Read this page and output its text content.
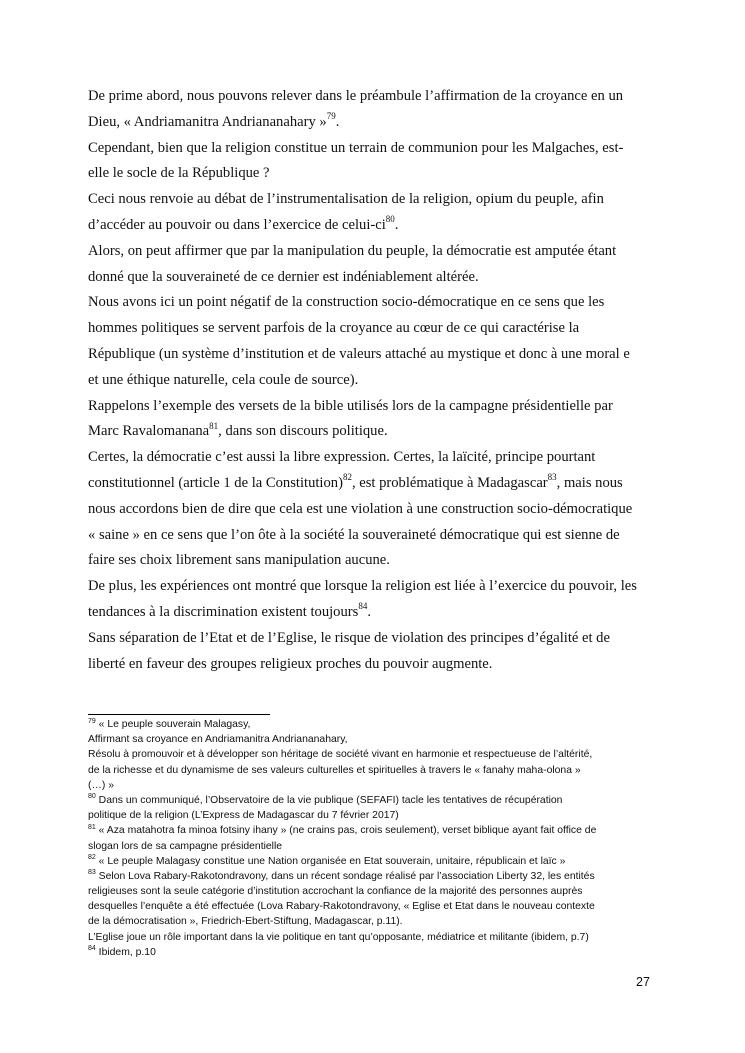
De prime abord, nous pouvons relever dans le préambule l’affirmation de la croyance en un
Dieu, « Andriamanitra Andriananahary »$^{79}$.
Cependant, bien que la religion constitue un terrain de communion pour les Malgaches, est-
elle le socle de la République ?
Ceci nous renvoie au débat de l’instrumentalisation de la religion, opium du peuple, afin
d’accéder au pouvoir ou dans l’exercice de celui-$ci^{80}$.
Alors, on peut affirmer que par la manipulation du peuple, la démocratie est amputée étant
donné que la souveraineté de ce dernier est indéniablement altérée.
Nous avons ici un point négatif de la construction socio-démocratique en ce sens que les
hommes politiques se servent parfois de la croyance au cœur de ce qui caractérise la
République (un système d’institution et de valeurs attaché au mystique et donc à une moral e
et une éthique naturelle, cela coule de source).
Rappelons l’exemple des versets de la bible utilisés lors de la campagne présidentielle par
Marc Ravalomanana$^{81}$, dans son discours politique.
Certes, la démocratie c’est aussi la libre expression. Certes, la laïcité, principe pourtant
constitutionnel (article 1 de la Constitution)$^{82}$, est problématique à Madagascar$^{83}$, mais nous
nous accordons bien de dire que cela est une violation à une construction socio-démocratique
« saine » en ce sens que l’on ôte à la société la souveraineté démocratique qui est sienne de
faire ses choix librement sans manipulation aucune.
De plus, les expériences ont montré que lorsque la religion est liée à l’exercice du pouvoir, les
tendances à la discrimination existent toujours$^{84}$.
Sans séparation de l’Etat et de l’Eglise, le risque de violation des principes d’égalité et de
liberté en faveur des groupes religieux proches du pouvoir augmente.
$^{79}$ « Le peuple souverain Malagasy,
Affirmant sa croyance en Andriamanitra Andriananahary,
Résolu à promouvoir et à développer son héritage de société vivant en harmonie et respectueuse de l’altérité,
de la richesse et du dynamisme de ses valeurs culturelles et spirituelles à travers le « fanahy maha-olona »
(…) »
$^{80}$ Dans un communiqué, l’Observatoire de la vie publique (SEFAFI) tacle les tentatives de récupération
politique de la religion (L’Express de Madagascar du 7 février 2017)
$^{81}$ « Aza matahotra fa minoa fotsiny ihany » (ne crains pas, crois seulement), verset biblique ayant fait office de
slogan lors de sa campagne présidentielle
$^{82}$ « Le peuple Malagasy constitue une Nation organisée en Etat souverain, unitaire, républicain et laïc »
$^{83}$ Selon Lova Rabary-Rakotondravony, dans un récent sondage réalisé par l’association Liberty 32, les entités
religieuses sont la seule catégorie d’institution accrochant la confiance de la majorité des personnes auprès
desquelles l’enquête a été effectuée (Lova Rabary-Rakotondravony, « Eglise et Etat dans le nouveau contexte
de la démocratisation », Friedrich-Ebert-Stiftung, Madagascar, p.11).
L’Eglise joue un rôle important dans la vie politique en tant qu’opposante, médiatrice et militante (ibidem, p.7)
$^{84}$ Ibidem, p.10
27
